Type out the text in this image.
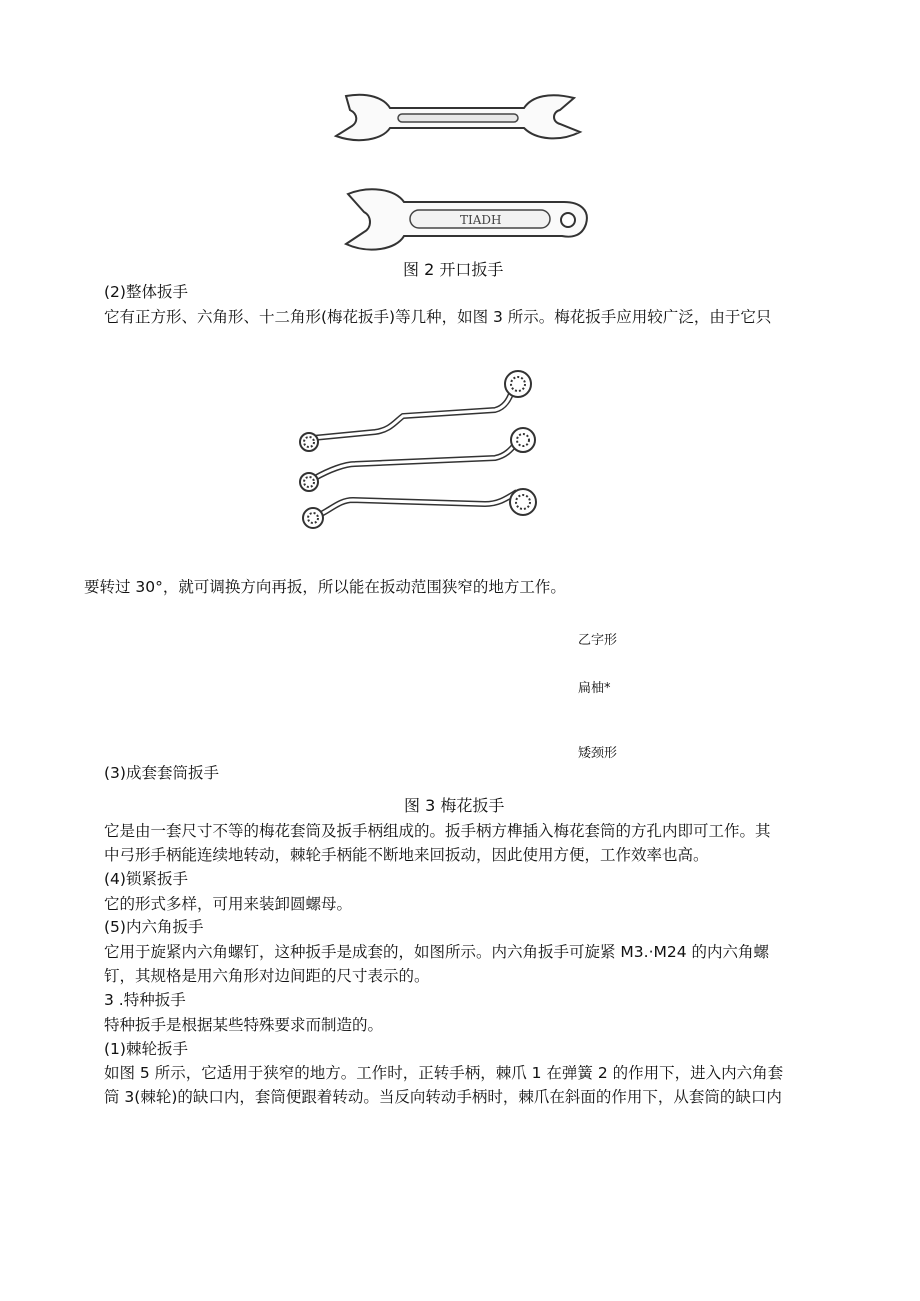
TIADH
图 2 开口扳手
(2)整体扳手
它有正方形、六角形、十二角形(梅花扳手)等几种，如图 3 所示。梅花扳手应用较广泛，由于它只
要转过 30°，就可调换方向再扳，所以能在扳动范围狭窄的地方工作。
乙字形
扁柚*
矮颈形
(3)成套套筒扳手
图 3 梅花扳手
它是由一套尺寸不等的梅花套筒及扳手柄组成的。扳手柄方榫插入梅花套筒的方孔内即可工作。其
中弓形手柄能连续地转动，棘轮手柄能不断地来回扳动，因此使用方便，工作效率也高。
(4)锁紧扳手
它的形式多样，可用来装卸圆螺母。
(5)内六角扳手
它用于旋紧内六角螺钉，这种扳手是成套的，如图所示。内六角扳手可旋紧 M3.·M24 的内六角螺
钉，其规格是用六角形对边间距的尺寸表示的。
3 .特种扳手
特种扳手是根据某些特殊要求而制造的。
(1)棘轮扳手
如图 5 所示，它适用于狭窄的地方。工作时，正转手柄，棘爪 1 在弹簧 2 的作用下，进入内六角套
筒 3(棘轮)的缺口内，套筒便跟着转动。当反向转动手柄时，棘爪在斜面的作用下，从套筒的缺口内
